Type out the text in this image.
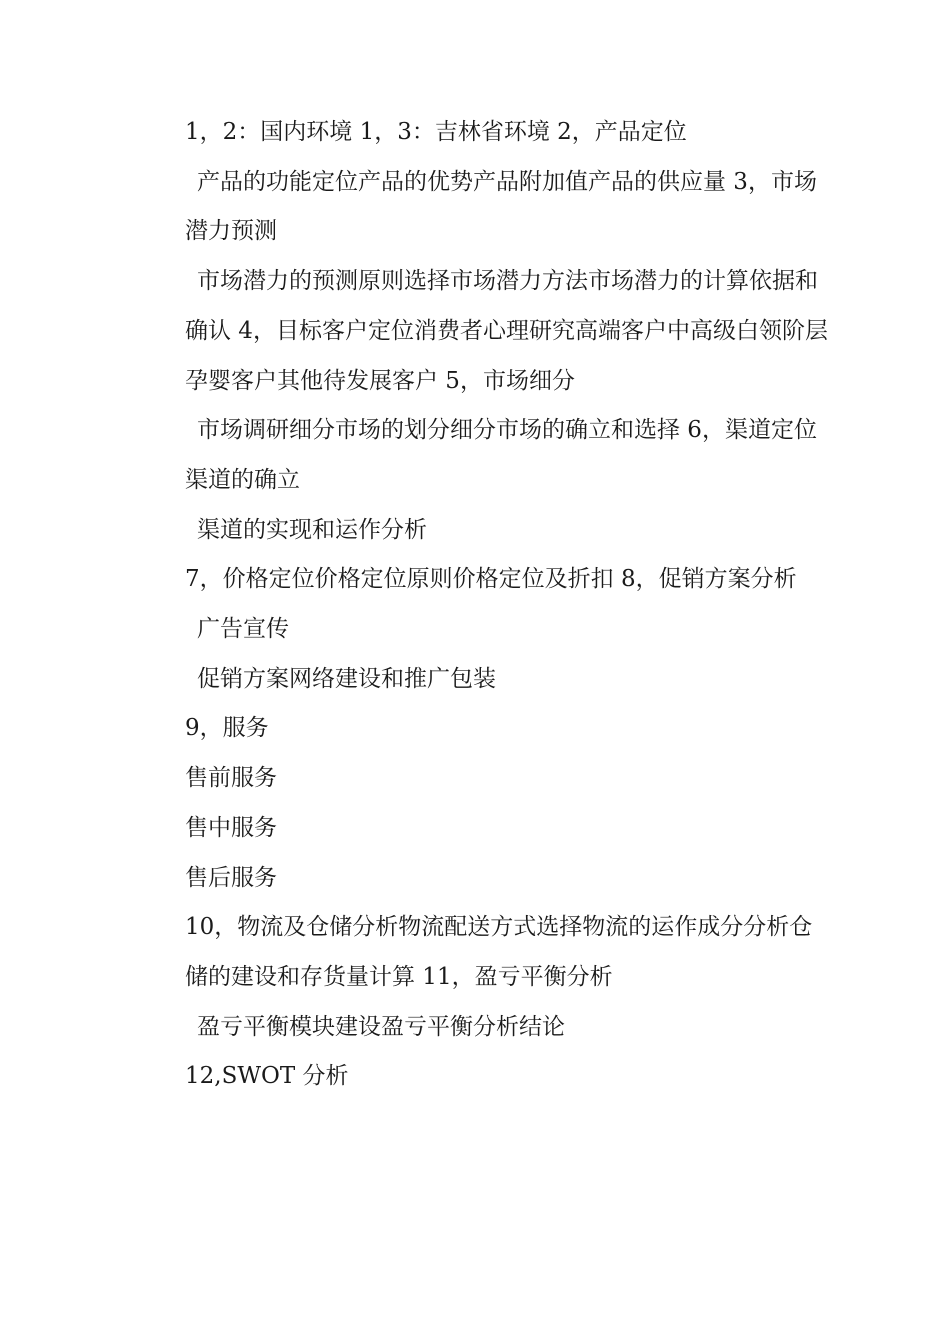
1，2：国内环境 1，3：吉林省环境 2，产品定位

产品的功能定位产品的优势产品附加值产品的供应量 3，市场潜力预测

市场潜力的预测原则选择市场潜力方法市场潜力的计算依据和确认 4，目标客户定位消费者心理研究高端客户中高级白领阶层孕婴客户其他待发展客户 5，市场细分

市场调研细分市场的划分细分市场的确立和选择 6，渠道定位

渠道的确立

渠道的实现和运作分析

7，价格定位价格定位原则价格定位及折扣 8，促销方案分析

广告宣传

促销方案网络建设和推广包装

9，服务

售前服务

售中服务

售后服务

10，物流及仓储分析物流配送方式选择物流的运作成分分析仓储的建设和存货量计算 11，盈亏平衡分析

盈亏平衡模块建设盈亏平衡分析结论

12,SWOT 分析
